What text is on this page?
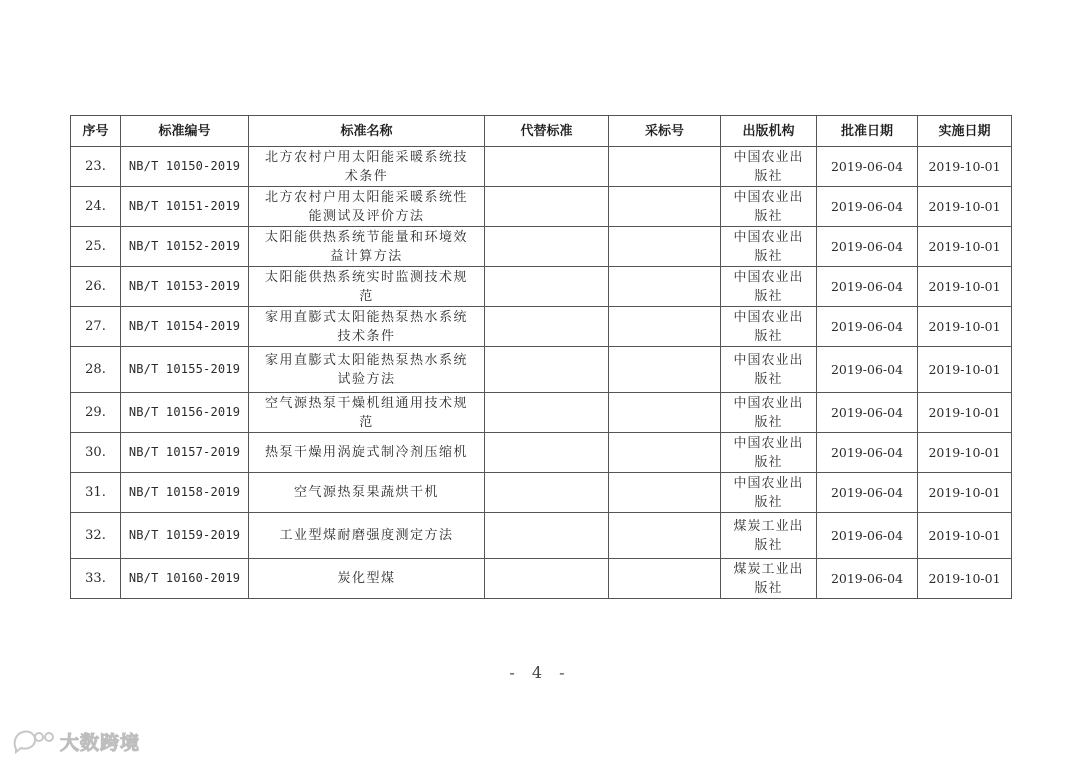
序号	标准编号	标准名称	代替标准	采标号	出版机构	批准日期	实施日期
23.	NB/T 10150-2019	北方农村户用太阳能采暖系统技术条件			中国农业出版社	2019-06-04	2019-10-01
24.	NB/T 10151-2019	北方农村户用太阳能采暖系统性能测试及评价方法			中国农业出版社	2019-06-04	2019-10-01
25.	NB/T 10152-2019	太阳能供热系统节能量和环境效益计算方法			中国农业出版社	2019-06-04	2019-10-01
26.	NB/T 10153-2019	太阳能供热系统实时监测技术规范			中国农业出版社	2019-06-04	2019-10-01
27.	NB/T 10154-2019	家用直膨式太阳能热泵热水系统技术条件			中国农业出版社	2019-06-04	2019-10-01
28.	NB/T 10155-2019	家用直膨式太阳能热泵热水系统试验方法			中国农业出版社	2019-06-04	2019-10-01
29.	NB/T 10156-2019	空气源热泵干燥机组通用技术规范			中国农业出版社	2019-06-04	2019-10-01
30.	NB/T 10157-2019	热泵干燥用涡旋式制冷剂压缩机			中国农业出版社	2019-06-04	2019-10-01
31.	NB/T 10158-2019	空气源热泵果蔬烘干机			中国农业出版社	2019-06-04	2019-10-01
32.	NB/T 10159-2019	工业型煤耐磨强度测定方法			煤炭工业出版社	2019-06-04	2019-10-01
33.	NB/T 10160-2019	炭化型煤			煤炭工业出版社	2019-06-04	2019-10-01
- 4 -
大数跨境
